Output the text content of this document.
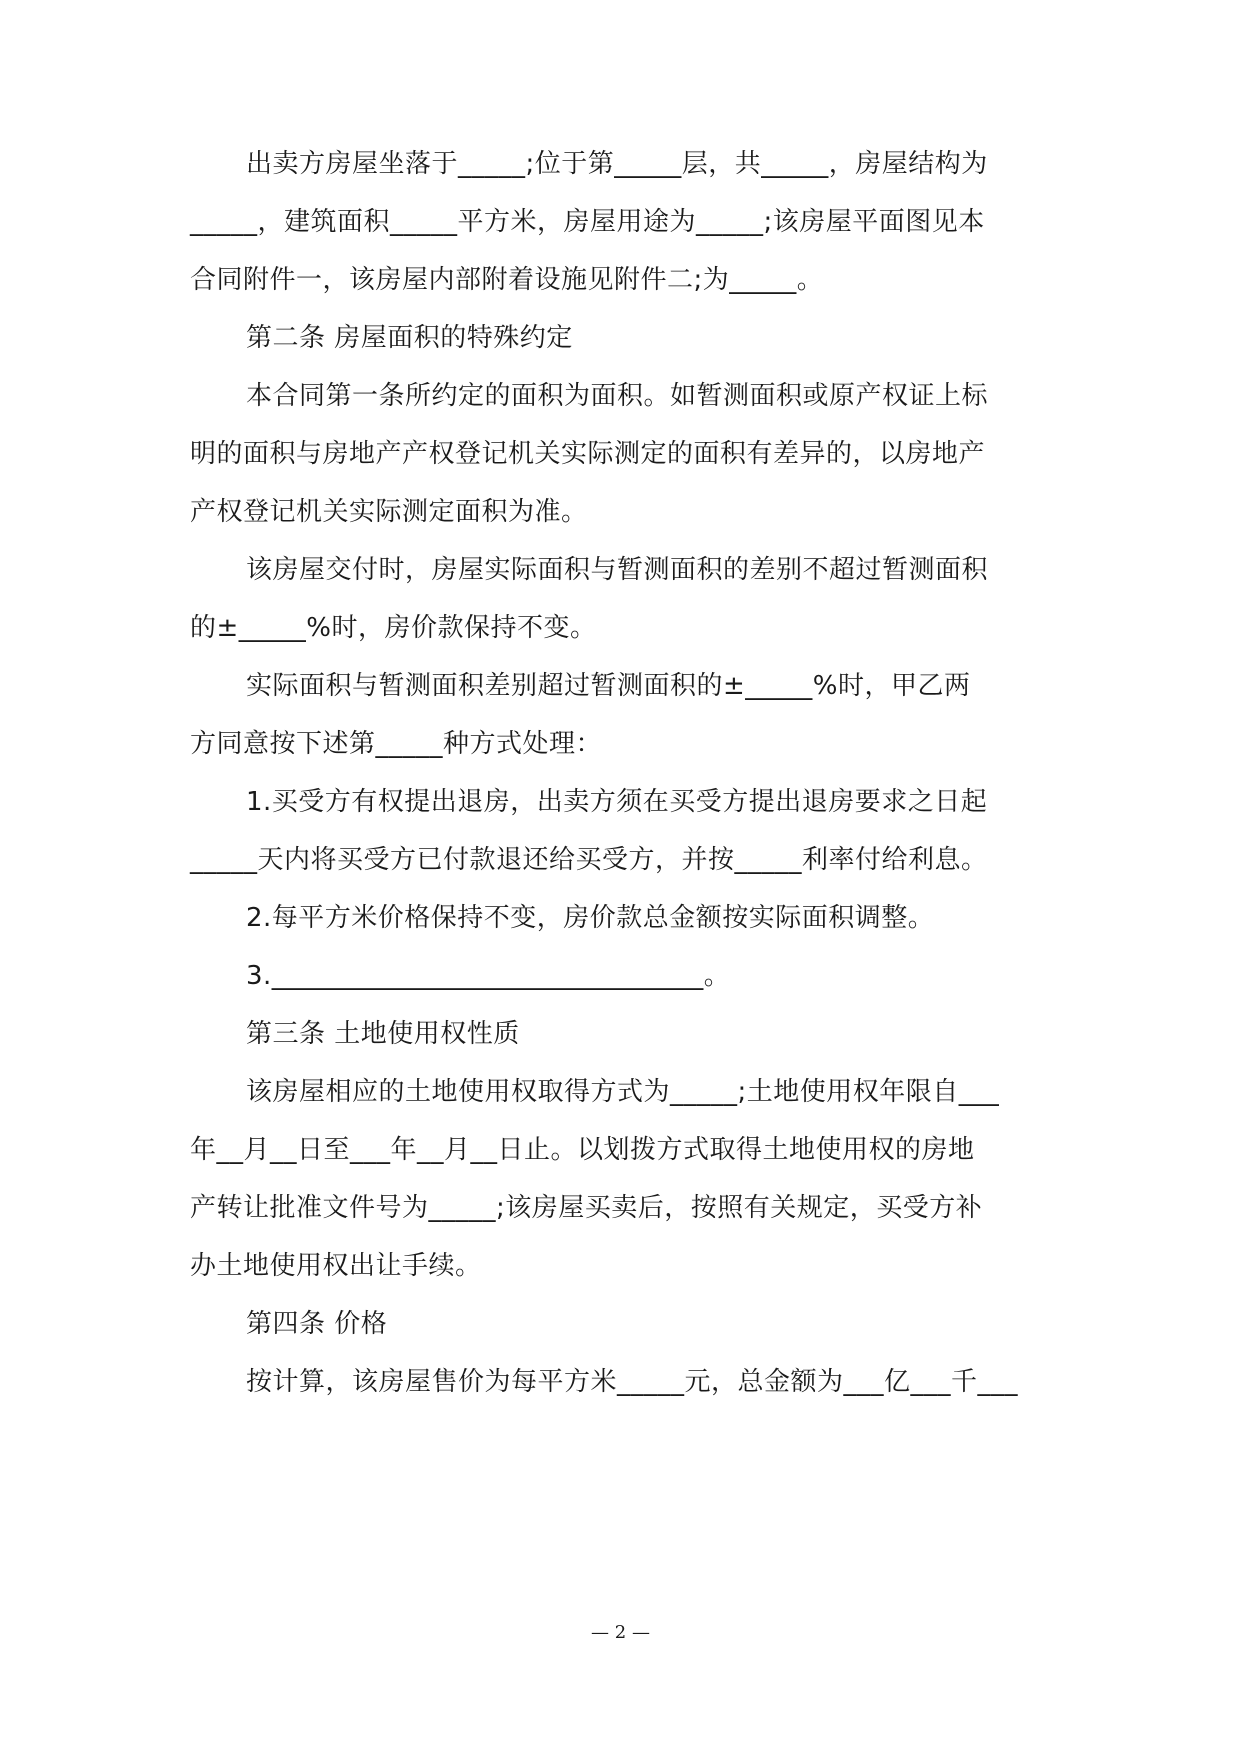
出卖方房屋坐落于_____;位于第_____层，共_____，房屋结构为
_____，建筑面积_____平方米，房屋用途为_____;该房屋平面图见本
合同附件一，该房屋内部附着设施见附件二;为_____。
第二条 房屋面积的特殊约定
本合同第一条所约定的面积为面积。如暂测面积或原产权证上标
明的面积与房地产产权登记机关实际测定的面积有差异的，以房地产
产权登记机关实际测定面积为准。
该房屋交付时，房屋实际面积与暂测面积的差别不超过暂测面积
的±_____%时，房价款保持不变。
实际面积与暂测面积差别超过暂测面积的±_____%时，甲乙两
方同意按下述第_____种方式处理：
1.买受方有权提出退房，出卖方须在买受方提出退房要求之日起
_____天内将买受方已付款退还给买受方，并按_____利率付给利息。
2.每平方米价格保持不变，房价款总金额按实际面积调整。
3.________________________________。
第三条 土地使用权性质
该房屋相应的土地使用权取得方式为_____;土地使用权年限自___
年__月__日至___年__月__日止。以划拨方式取得土地使用权的房地
产转让批准文件号为_____;该房屋买卖后，按照有关规定，买受方补
办土地使用权出让手续。
第四条 价格
按计算，该房屋售价为每平方米_____元，总金额为___亿___千___
— 2 —
